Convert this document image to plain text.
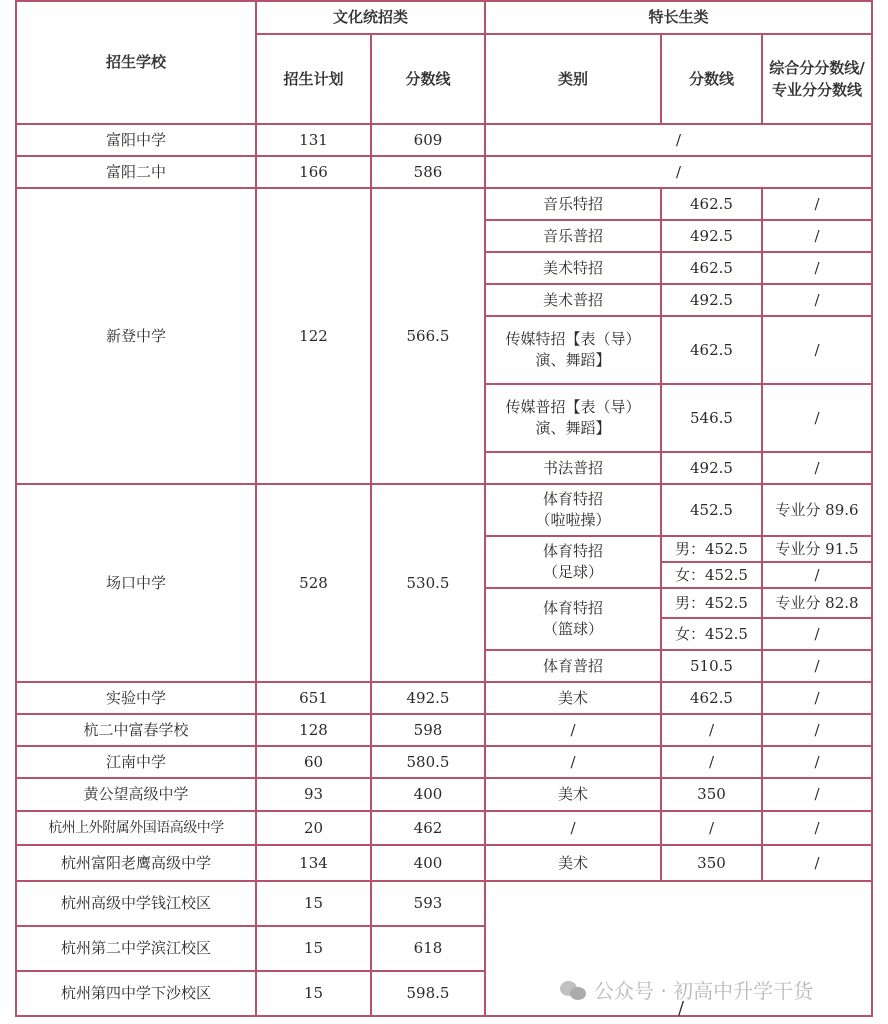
招生学校	文化统招类		特长生类		
	招生计划	分数线	类别	分数线	综合分分数线/专业分分数线
富阳中学	131	609	/		
富阳二中	166	586	/		
新登中学	122	566.5	音乐特招	462.5	/
			音乐普招	492.5	/
			美术特招	462.5	/
			美术普招	492.5	/
			传媒特招【表（导）演、舞蹈】	462.5	/
			传媒普招【表（导）演、舞蹈】	546.5	/
			书法普招	492.5	/
场口中学	528	530.5	体育特招（啦啦操）	452.5	专业分 89.6
			体育特招（足球）	男：452.5	专业分 91.5
				女：452.5	/
			体育特招（篮球）	男：452.5	专业分 82.8
				女：452.5	/
			体育普招	510.5	/
实验中学	651	492.5	美术	462.5	/
杭二中富春学校	128	598	/	/	/
江南中学	60	580.5	/	/	/
黄公望高级中学	93	400	美术	350	/
杭州上外附属外国语高级中学	20	462	/	/	/
杭州富阳老鹰高级中学	134	400	美术	350	/
杭州高级中学钱江校区	15	593			
杭州第二中学滨江校区	15	618			
杭州第四中学下沙校区	15	598.5			
/
公众号 · 初高中升学干货
